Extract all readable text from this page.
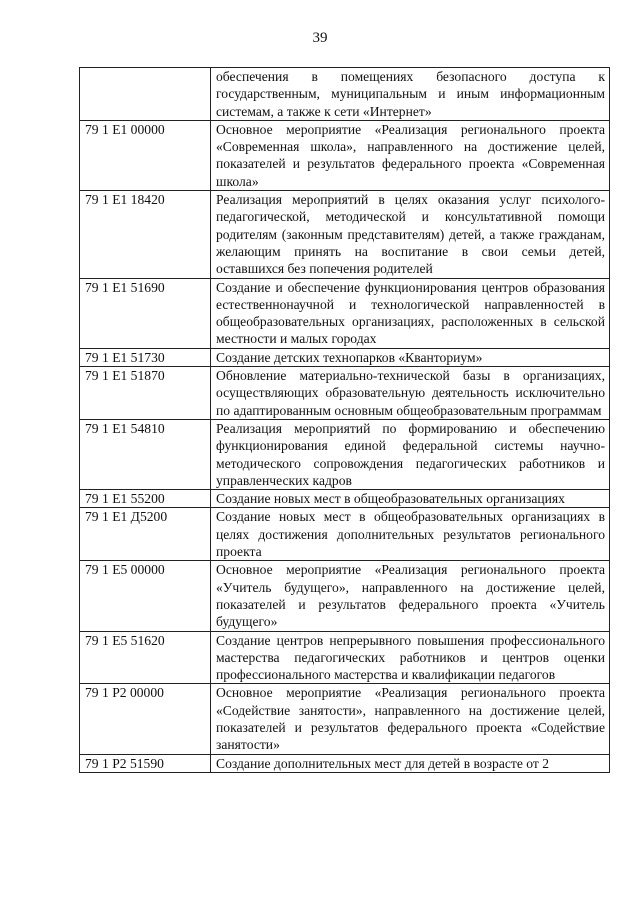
39
	обеспечения в помещениях безопасного доступа к государственным, муниципальным и иным информационным системам, а также к сети «Интернет»
79 1 Е1 00000	Основное мероприятие «Реализация регионального проекта «Современная школа», направленного на достижение целей, показателей и результатов федерального проекта «Современная школа»
79 1 Е1 18420	Реализация мероприятий в целях оказания услуг психолого-педагогической, методической и консультативной помощи родителям (законным представителям) детей, а также гражданам, желающим принять на воспитание в свои семьи детей, оставшихся без попечения родителей
79 1 Е1 51690	Создание и обеспечение функционирования центров образования естественнонаучной и технологической направленностей в общеобразовательных организациях, расположенных в сельской местности и малых городах
79 1 Е1 51730	Создание детских технопарков «Кванториум»
79 1 Е1 51870	Обновление материально-технической базы в организациях, осуществляющих образовательную деятельность исключительно по адаптированным основным общеобразовательным программам
79 1 Е1 54810	Реализация мероприятий по формированию и обеспечению функционирования единой федеральной системы научно-методического сопровождения педагогических работников и управленческих кадров
79 1 Е1 55200	Создание новых мест в общеобразовательных организациях
79 1 Е1 Д5200	Создание новых мест в общеобразовательных организациях в целях достижения дополнительных результатов регионального проекта
79 1 Е5 00000	Основное мероприятие «Реализация регионального проекта «Учитель будущего», направленного на достижение целей, показателей и результатов федерального проекта «Учитель будущего»
79 1 Е5 51620	Создание центров непрерывного повышения профессионального мастерства педагогических работников и центров оценки профессионального мастерства и квалификации педагогов
79 1 Р2 00000	Основное мероприятие «Реализация регионального проекта «Содействие занятости», направленного на достижение целей, показателей и результатов федерального проекта «Содействие занятости»
79 1 Р2 51590	Создание дополнительных мест для детей в возрасте от 2
